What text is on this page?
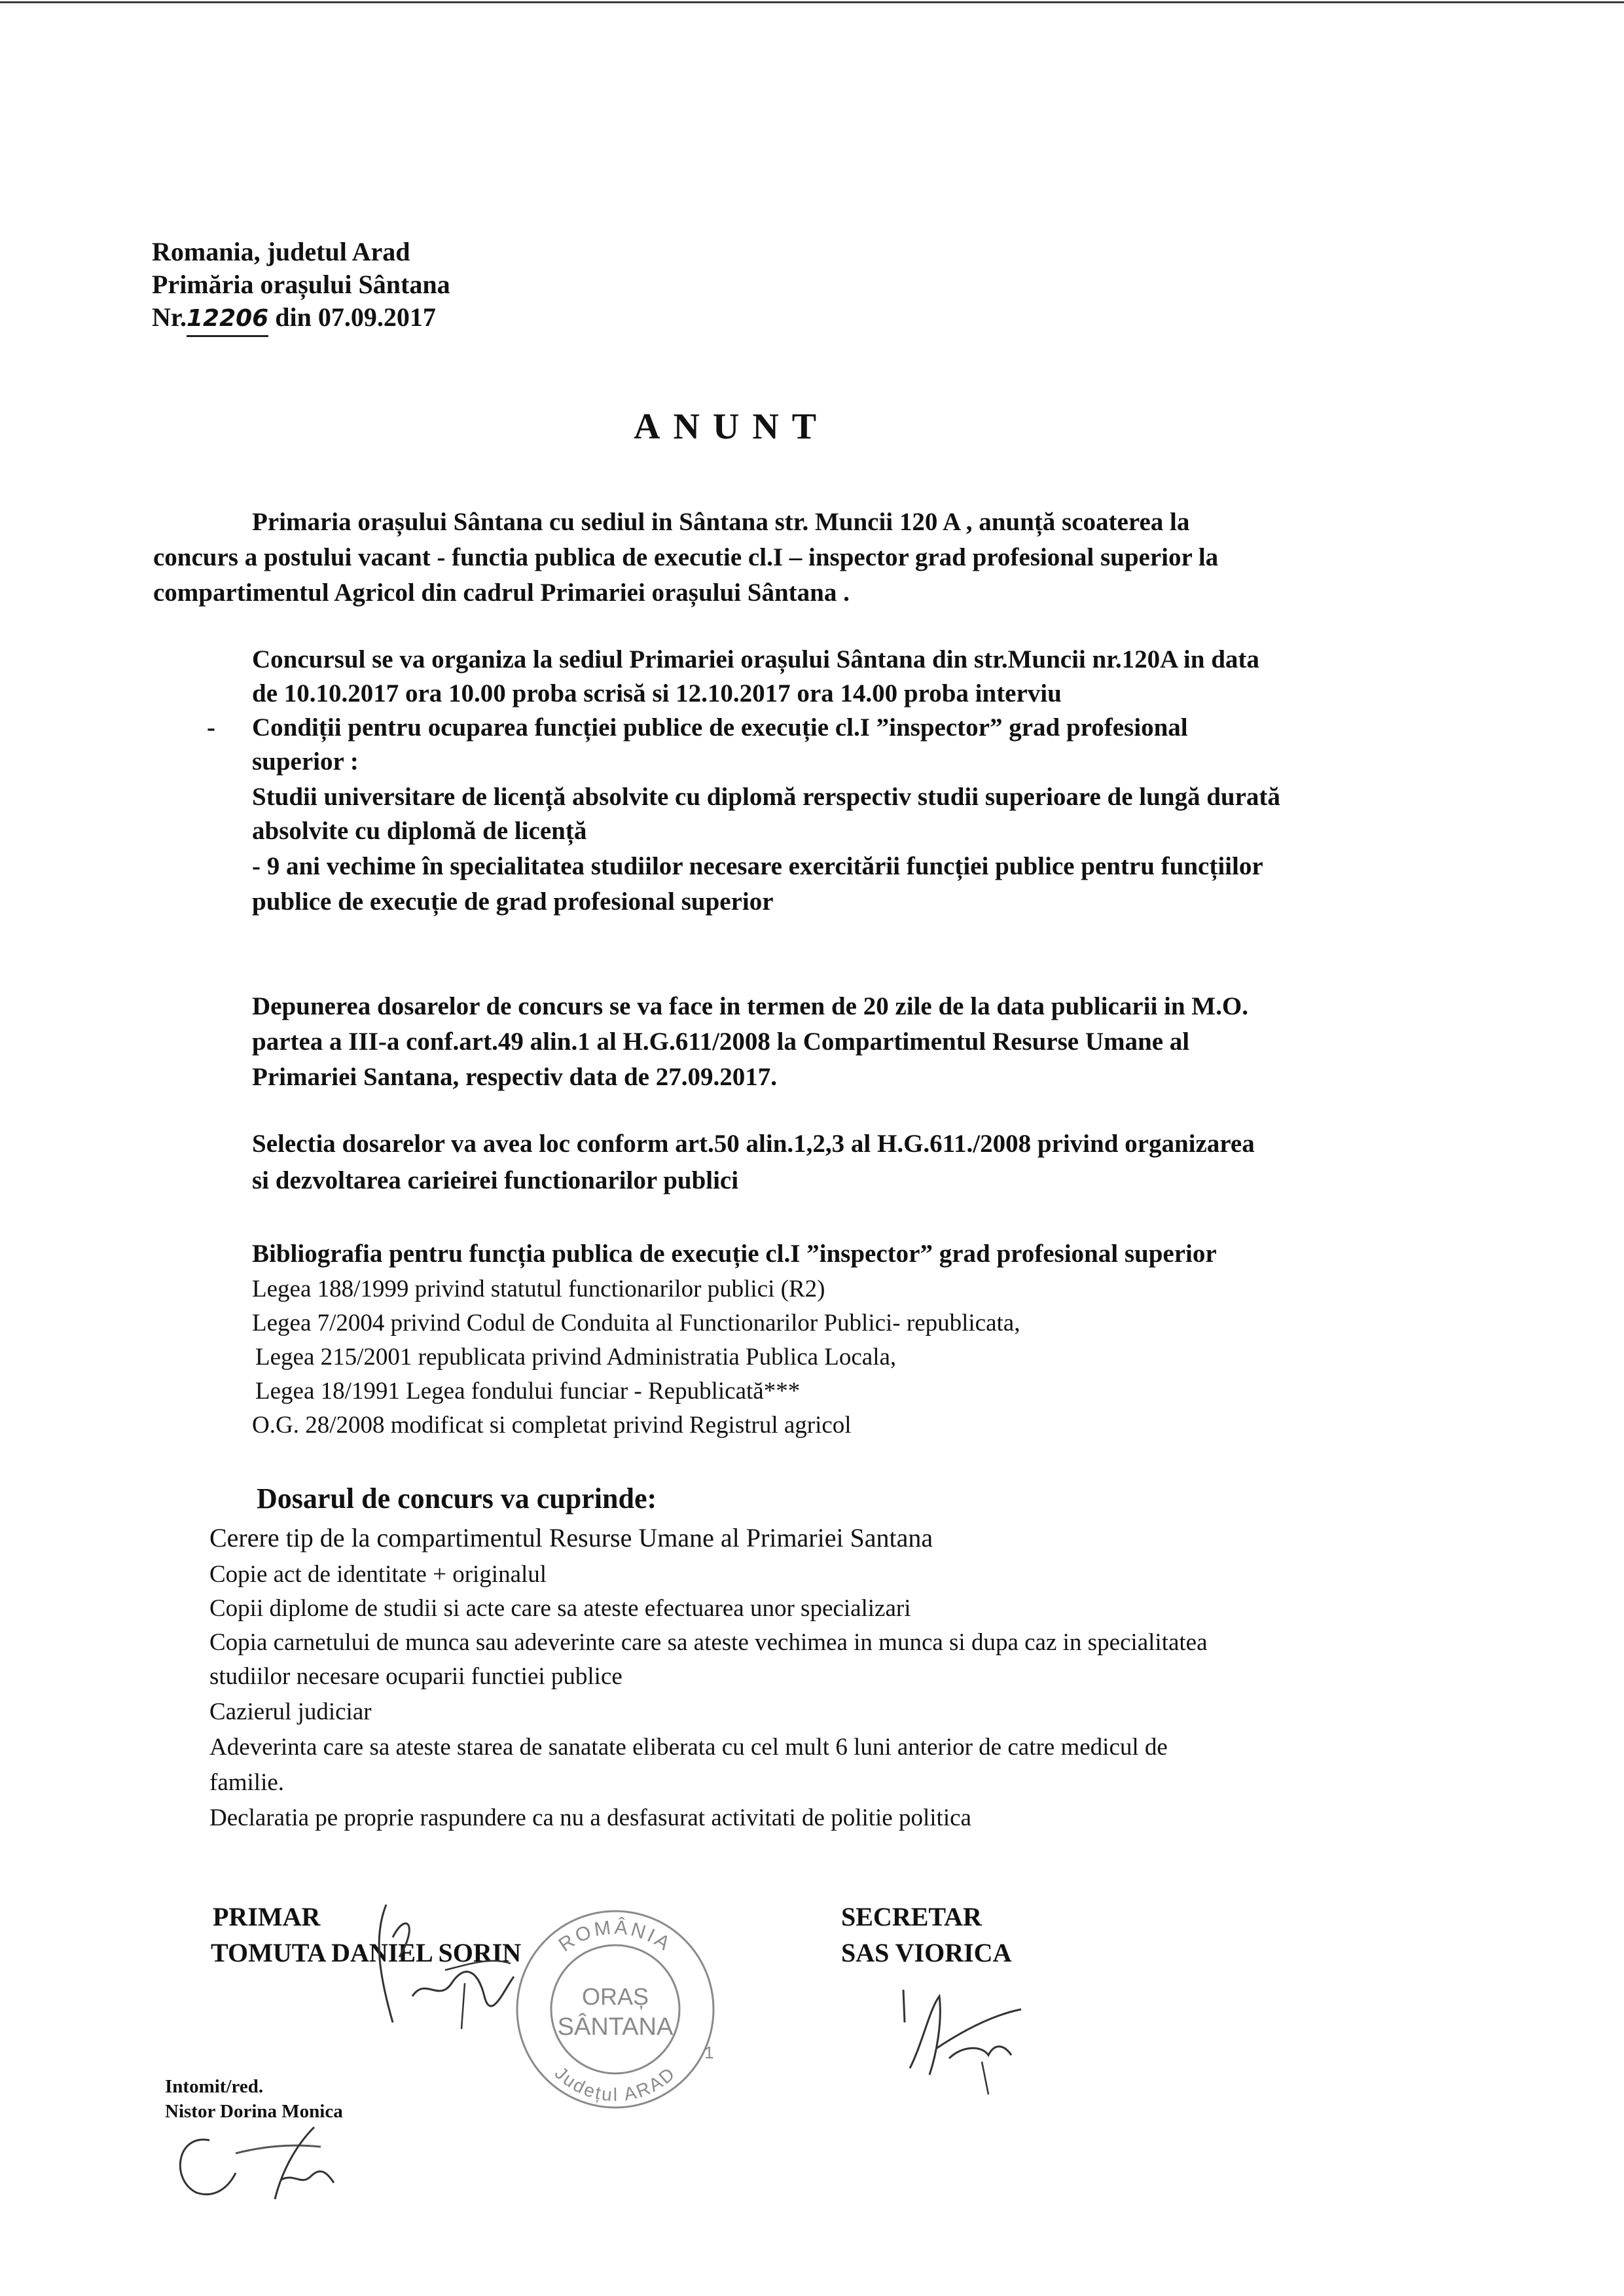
Romania, judetul Arad
Primăria orașului Sântana
Nr.12206 din 07.09.2017
ANUNT
Primaria orașului Sântana cu sediul in Sântana str. Muncii 120 A , anunță scoaterea la
concurs a postului vacant - functia publica de executie cl.I – inspector grad profesional superior la
compartimentul Agricol din cadrul Primariei orașului Sântana .
Concursul se va organiza la sediul Primariei orașului Sântana din str.Muncii nr.120A in data
de 10.10.2017 ora 10.00 proba scrisă si 12.10.2017 ora 14.00 proba interviu
- Condiții pentru ocuparea funcției publice de execuție cl.I ”inspector” grad profesional
superior :
Studii universitare de licență absolvite cu diplomă rerspectiv studii superioare de lungă durată
absolvite cu diplomă de licență
- 9 ani vechime în specialitatea studiilor necesare exercitării funcției publice pentru funcțiilor
publice de execuție de grad profesional superior
Depunerea dosarelor de concurs se va face in termen de 20 zile de la data publicarii in M.O.
partea a III-a conf.art.49 alin.1 al H.G.611/2008 la Compartimentul Resurse Umane al
Primariei Santana, respectiv data de 27.09.2017.
Selectia dosarelor va avea loc conform art.50 alin.1,2,3 al H.G.611./2008 privind organizarea
si dezvoltarea carieirei functionarilor publici
Bibliografia pentru funcția publica de execuție cl.I ”inspector” grad profesional superior
Legea 188/1999 privind statutul functionarilor publici (R2)
Legea 7/2004 privind Codul de Conduita al Functionarilor Publici- republicata,
Legea 215/2001 republicata privind Administratia Publica Locala,
Legea 18/1991 Legea fondului funciar - Republicată***
O.G. 28/2008 modificat si completat privind Registrul agricol
Dosarul de concurs va cuprinde:
Cerere tip de la compartimentul Resurse Umane al Primariei Santana
Copie act de identitate + originalul
Copii diplome de studii si acte care sa ateste efectuarea unor specializari
Copia carnetului de munca sau adeverinte care sa ateste vechimea in munca si dupa caz in specialitatea
studiilor necesare ocuparii functiei publice
Cazierul judiciar
Adeverinta care sa ateste starea de sanatate eliberata cu cel mult 6 luni anterior de catre medicul de
familie.
Declaratia pe proprie raspundere ca nu a desfasurat activitati de politie politica
PRIMAR
TOMUTA DANIEL SORIN
SECRETAR
SAS VIORICA
Intomit/red.
Nistor Dorina Monica
ROMÂNIA
ORAȘ
SÂNTANA
Județul ARAD
1
